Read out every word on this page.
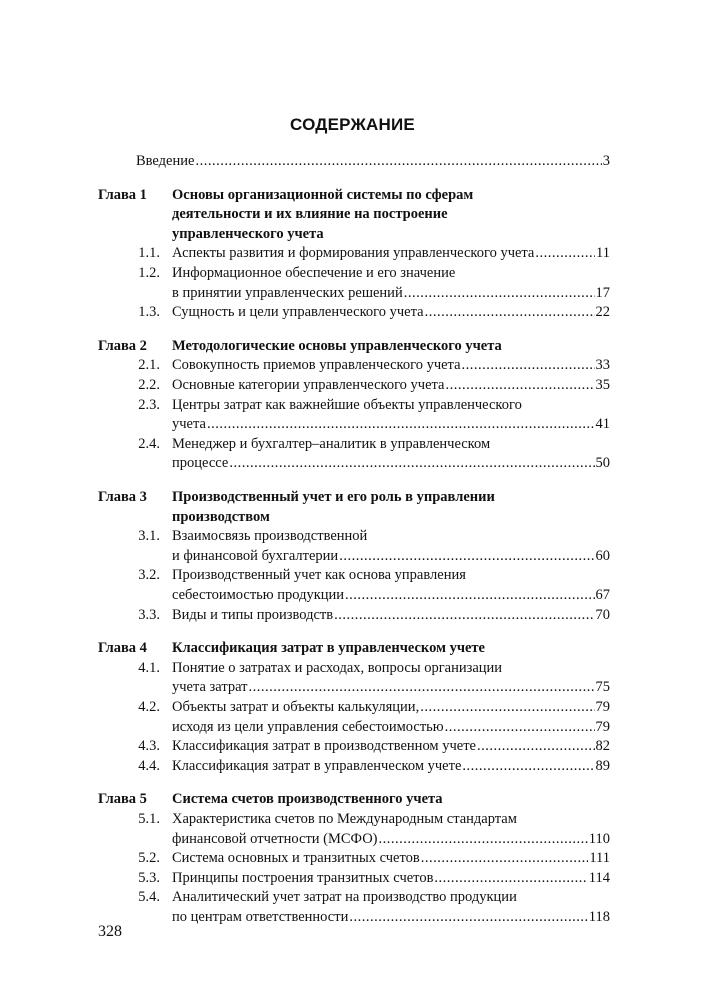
СОДЕРЖАНИЕ
Введение .....	3
Глава 1 Основы организационной системы по сферам
деятельности и их влияние на построение
управленческого учета
1.1. Аспекты развития и формирования управленческого учета .....	11
1.2. Информационное обеспечение и его значение
в принятии управленческих решений .....	17
1.3. Сущность и цели управленческого учета .....	22
Глава 2 Методологические основы управленческого учета
2.1. Совокупность приемов управленческого учета .....	33
2.2. Основные категории управленческого учета .....	35
2.3. Центры затрат как важнейшие объекты управленческого
учета .....	41
2.4. Менеджер и бухгалтер–аналитик в управленческом
процессе .....	50
Глава 3 Производственный учет и его роль в управлении
производством
3.1. Взаимосвязь производственной
и финансовой бухгалтерии .....	60
3.2. Производственный учет как основа управления
себестоимостью продукции .....	67
3.3. Виды и типы производств .....	70
Глава 4 Классификация затрат в управленческом учете
4.1. Понятие о затратах и расходах, вопросы организации
учета затрат .....	75
4.2. Объекты затрат и объекты калькуляции, .....	79
исходя из цели управления себестоимостью .....	79
4.3. Классификация затрат в производственном учете .....	82
4.4. Классификация затрат в управленческом учете .....	89
Глава 5 Система счетов производственного учета
5.1. Характеристика счетов по Международным стандартам
финансовой отчетности (МСФО) .....	110
5.2. Система основных и транзитных счетов .....	111
5.3. Принципы построения транзитных счетов .....	114
5.4. Аналитический учет затрат на производство продукции
по центрам ответственности .....	118
328
